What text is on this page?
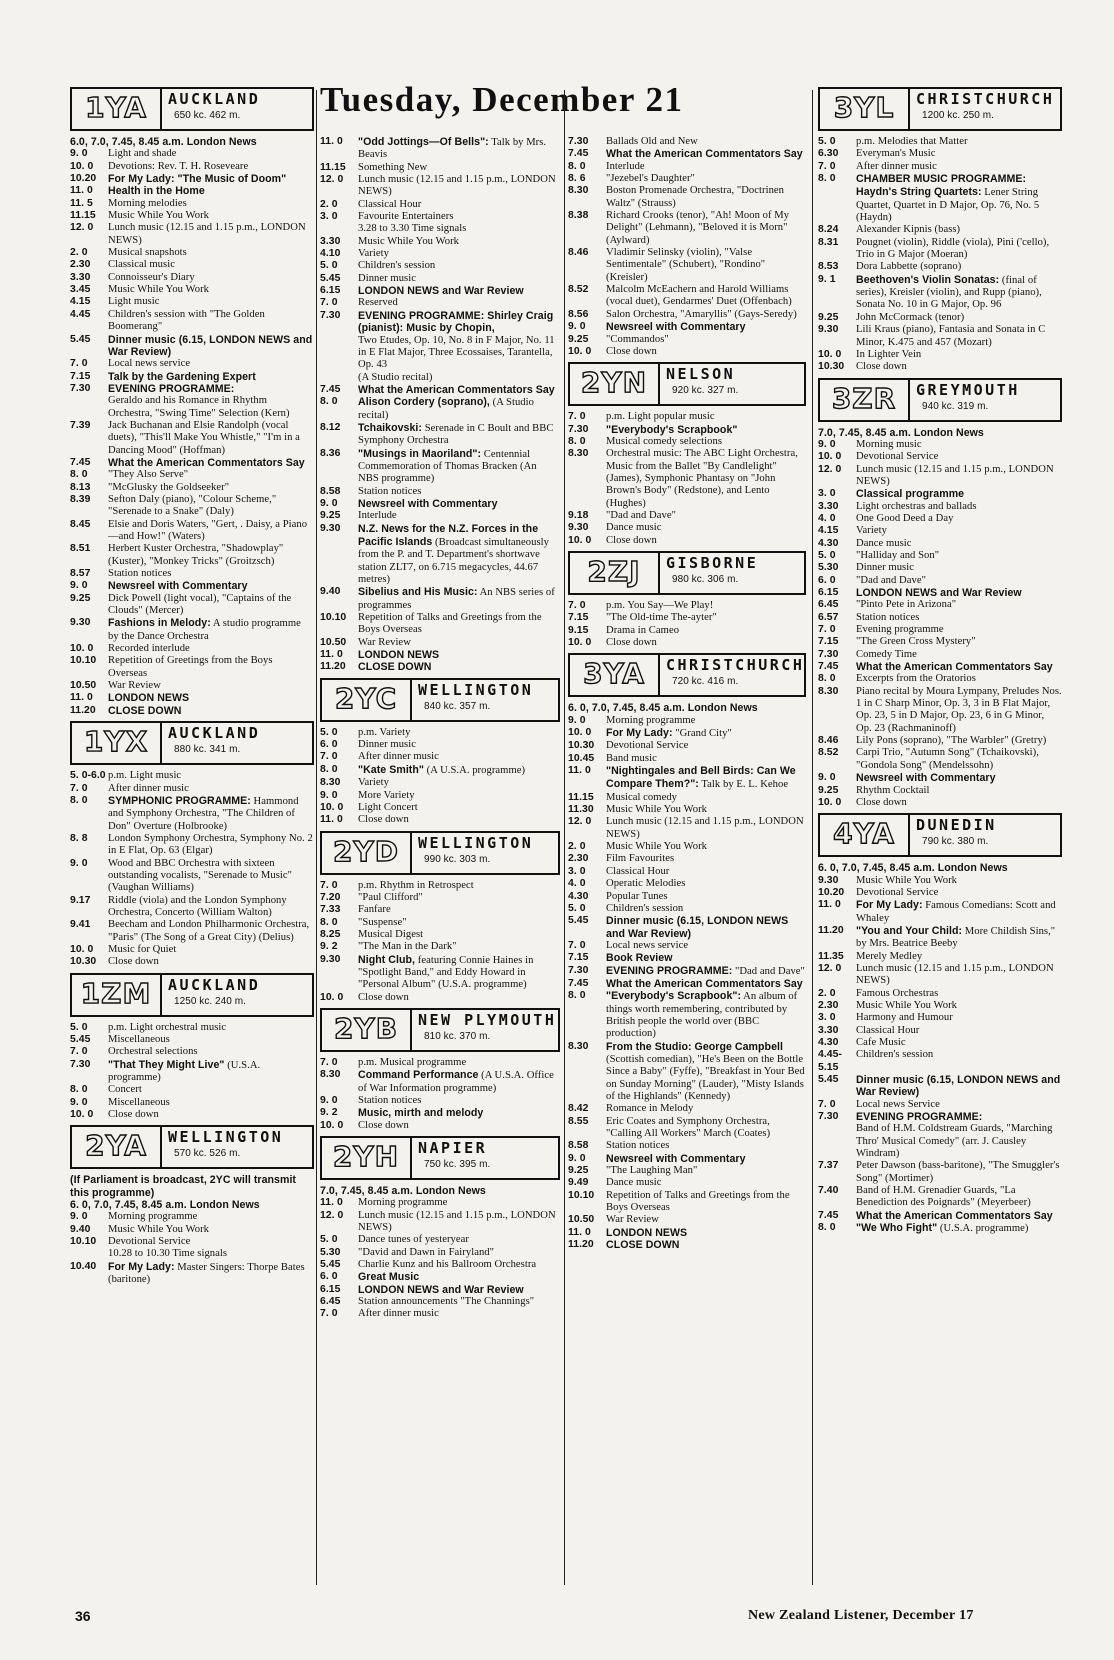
Tuesday, December 21
1YA	AUCKLAND
650 kc. 462 m.
6.0, 7.0, 7.45, 8.45 a.m. London News
9. 0	Light and shade
10. 0	Devotions: Rev. T. H. Roseveare
10.20	For My Lady: "The Music of Doom"
11. 0	Health in the Home
11. 5	Morning melodies
11.15	Music While You Work
12. 0	Lunch music (12.15 and 1.15 p.m., LONDON NEWS)
2. 0	Musical snapshots
2.30	Classical music
3.30	Connoisseur's Diary
3.45	Music While You Work
4.15	Light music
4.45	Children's session with "The Golden Boomerang"
5.45	Dinner music (6.15, LONDON NEWS and War Review)
7. 0	Local news service
7.15	Talk by the Gardening Expert
7.30	EVENING PROGRAMME:
Geraldo and his Romance in Rhythm Orchestra, "Swing Time" Selection (Kern)
7.39	Jack Buchanan and Elsie Randolph (vocal duets), "This'll Make You Whistle," "I'm in a Dancing Mood" (Hoffman)
7.45	What the American Commentators Say
8. 0	"They Also Serve"
8.13	"McGlusky the Goldseeker"
8.39	Sefton Daly (piano), "Colour Scheme," "Serenade to a Snake" (Daly)
8.45	Elsie and Doris Waters, "Gert, . Daisy, a Piano—and How!" (Waters)
8.51	Herbert Kuster Orchestra, "Shadowplay" (Kuster), "Monkey Tricks" (Groitzsch)
8.57	Station notices
9. 0	Newsreel with Commentary
9.25	Dick Powell (light vocal), "Captains of the Clouds" (Mercer)
9.30	Fashions in Melody: A studio programme by the Dance Orchestra
10. 0	Recorded interlude
10.10	Repetition of Greetings from the Boys Overseas
10.50	War Review
11. 0	LONDON NEWS
11.20	CLOSE DOWN
1YX	AUCKLAND
880 kc. 341 m.
5. 0-6.0 p.m. Light music
7. 0	After dinner music
8. 0	SYMPHONIC PROGRAMME: Hammond and Symphony Orchestra, "The Children of Don" Overture (Holbrooke)
8. 8	London Symphony Orchestra, Symphony No. 2 in E Flat, Op. 63 (Elgar)
9. 0	Wood and BBC Orchestra with sixteen outstanding vocalists, "Serenade to Music" (Vaughan Williams)
9.17	Riddle (viola) and the London Symphony Orchestra, Concerto (William Walton)
9.41	Beecham and London Philharmonic Orchestra, "Paris" (The Song of a Great City) (Delius)
10. 0	Music for Quiet
10.30	Close down
1ZM	AUCKLAND
1250 kc. 240 m.
5. 0	p.m. Light orchestral music
5.45	Miscellaneous
7. 0	Orchestral selections
7.30	"That They Might Live" (U.S.A. programme)
8. 0	Concert
9. 0	Miscellaneous
10. 0	Close down
2YA	WELLINGTON
570 kc. 526 m.
(If Parliament is broadcast, 2YC will transmit this programme)
6. 0, 7.0, 7.45, 8.45 a.m. London News
9. 0	Morning programme
9.40	Music While You Work
10.10	Devotional Service
10.28 to 10.30 Time signals
10.40	For My Lady: Master Singers: Thorpe Bates (baritone)
11. 0	"Odd Jottings—Of Bells": Talk by Mrs. Beavis
11.15	Something New
12. 0	Lunch music (12.15 and 1.15 p.m., LONDON NEWS)
2. 0	Classical Hour
3. 0	Favourite Entertainers
3.28 to 3.30 Time signals
3.30	Music While You Work
4.10	Variety
5. 0	Children's session
5.45	Dinner music
6.15	LONDON NEWS and War Review
7. 0	Reserved
7.30	EVENING PROGRAMME: Shirley Craig (pianist): Music by Chopin,
Two Etudes, Op. 10, No. 8 in F Major, No. 11 in E Flat Major, Three Ecossaises, Tarantella, Op. 43
(A Studio recital)
7.45	What the American Commentators Say
8. 0	Alison Cordery (soprano), (A Studio recital)
8.12	Tchaikovski: Serenade in C Boult and BBC Symphony Orchestra
8.36	"Musings in Maoriland": Centennial Commemoration of Thomas Bracken (An NBS programme)
8.58	Station notices
9. 0	Newsreel with Commentary
9.25	Interlude
9.30	N.Z. News for the N.Z. Forces in the Pacific Islands (Broadcast simultaneously from the P. and T. Department's shortwave station ZLT7, on 6.715 megacycles, 44.67 metres)
9.40	Sibelius and His Music: An NBS series of programmes
10.10	Repetition of Talks and Greetings from the Boys Overseas
10.50	War Review
11. 0	LONDON NEWS
11.20	CLOSE DOWN
2YC	WELLINGTON
840 kc. 357 m.
5. 0	p.m. Variety
6. 0	Dinner music
7. 0	After dinner music
8. 0	"Kate Smith" (A U.S.A. programme)
8.30	Variety
9. 0	More Variety
10. 0	Light Concert
11. 0	Close down
2YD	WELLINGTON
990 kc. 303 m.
7. 0	p.m. Rhythm in Retrospect
7.20	"Paul Clifford"
7.33	Fanfare
8. 0	"Suspense"
8.25	Musical Digest
9. 2	"The Man in the Dark"
9.30	Night Club, featuring Connie Haines in "Spotlight Band," and Eddy Howard in "Personal Album" (U.S.A. programme)
10. 0	Close down
2YB	NEW PLYMOUTH
810 kc. 370 m.
7. 0	p.m. Musical programme
8.30	Command Performance (A U.S.A. Office of War Information programme)
9. 0	Station notices
9. 2	Music, mirth and melody
10. 0	Close down
2YH	NAPIER
750 kc. 395 m.
7.0, 7.45, 8.45 a.m. London News
11. 0	Morning programme
12. 0	Lunch music (12.15 and 1.15 p.m., LONDON NEWS)
5. 0	Dance tunes of yesteryear
5.30	"David and Dawn in Fairyland"
5.45	Charlie Kunz and his Ballroom Orchestra
6. 0	Great Music
6.15	LONDON NEWS and War Review
6.45	Station announcements "The Channings"
7. 0	After dinner music
7.30	Ballads Old and New
7.45	What the American Commentators Say
8. 0	Interlude
8. 6	"Jezebel's Daughter"
8.30	Boston Promenade Orchestra, "Doctrinen Waltz" (Strauss)
8.38	Richard Crooks (tenor), "Ah! Moon of My Delight" (Lehmann), "Beloved it is Morn" (Aylward)
8.46	Vladimir Selinsky (violin), "Valse Sentimentale" (Schubert), "Rondino" (Kreisler)
8.52	Malcolm McEachern and Harold Williams (vocal duet), Gendarmes' Duet (Offenbach)
8.56	Salon Orchestra, "Amaryllis" (Gays-Seredy)
9. 0	Newsreel with Commentary
9.25	"Commandos"
10. 0	Close down
2YN	NELSON
920 kc. 327 m.
7. 0	p.m. Light popular music
7.30	"Everybody's Scrapbook"
8. 0	Musical comedy selections
8.30	Orchestral music: The ABC Light Orchestra, Music from the Ballet "By Candlelight" (James), Symphonic Phantasy on "John Brown's Body" (Redstone), and Lento (Hughes)
9.18	"Dad and Dave"
9.30	Dance music
10. 0	Close down
2ZJ	GISBORNE
980 kc. 306 m.
7. 0	p.m. You Say—We Play!
7.15	"The Old-time The-ayter"
9.15	Drama in Cameo
10. 0	Close down
3YA	CHRISTCHURCH
720 kc. 416 m.
6. 0, 7.0, 7.45, 8.45 a.m. London News
9. 0	Morning programme
10. 0	For My Lady: "Grand City"
10.30	Devotional Service
10.45	Band music
11. 0	"Nightingales and Bell Birds: Can We Compare Them?": Talk by E. L. Kehoe
11.15	Musical comedy
11.30	Music While You Work
12. 0	Lunch music (12.15 and 1.15 p.m., LONDON NEWS)
2. 0	Music While You Work
2.30	Film Favourites
3. 0	Classical Hour
4. 0	Operatic Melodies
4.30	Popular Tunes
5. 0	Children's session
5.45	Dinner music (6.15, LONDON NEWS and War Review)
7. 0	Local news service
7.15	Book Review
7.30	EVENING PROGRAMME: "Dad and Dave"
7.45	What the American Commentators Say
8. 0	"Everybody's Scrapbook": An album of things worth remembering, contributed by British people the world over (BBC production)
8.30	From the Studio: George Campbell (Scottish comedian), "He's Been on the Bottle Since a Baby" (Fyffe), "Breakfast in Your Bed on Sunday Morning" (Lauder), "Misty Islands of the Highlands" (Kennedy)
8.42	Romance in Melody
8.55	Eric Coates and Symphony Orchestra, "Calling All Workers" March (Coates)
8.58	Station notices
9. 0	Newsreel with Commentary
9.25	"The Laughing Man"
9.49	Dance music
10.10	Repetition of Talks and Greetings from the Boys Overseas
10.50	War Review
11. 0	LONDON NEWS
11.20	CLOSE DOWN
3YL	CHRISTCHURCH
1200 kc. 250 m.
5. 0	p.m. Melodies that Matter
6.30	Everyman's Music
7. 0	After dinner music
8. 0	CHAMBER MUSIC PROGRAMME: Haydn's String Quartets: Lener String Quartet, Quartet in D Major, Op. 76, No. 5 (Haydn)
8.24	Alexander Kipnis (bass)
8.31	Pougnet (violin), Riddle (viola), Pini ('cello), Trio in G Major (Moeran)
8.53	Dora Labbette (soprano)
9. 1	Beethoven's Violin Sonatas: (final of series), Kreisler (violin), and Rupp (piano), Sonata No. 10 in G Major, Op. 96
9.25	John McCormack (tenor)
9.30	Lili Kraus (piano), Fantasia and Sonata in C Minor, K.475 and 457 (Mozart)
10. 0	In Lighter Vein
10.30	Close down
3ZR	GREYMOUTH
940 kc. 319 m.
7.0, 7.45, 8.45 a.m. London News
9. 0	Morning music
10. 0	Devotional Service
12. 0	Lunch music (12.15 and 1.15 p.m., LONDON NEWS)
3. 0	Classical programme
3.30	Light orchestras and ballads
4. 0	One Good Deed a Day
4.15	Variety
4.30	Dance music
5. 0	"Halliday and Son"
5.30	Dinner music
6. 0	"Dad and Dave"
6.15	LONDON NEWS and War Review
6.45	"Pinto Pete in Arizona"
6.57	Station notices
7. 0	Evening programme
7.15	"The Green Cross Mystery"
7.30	Comedy Time
7.45	What the American Commentators Say
8. 0	Excerpts from the Oratorios
8.30	Piano recital by Moura Lympany, Preludes Nos. 1 in C Sharp Minor, Op. 3, 3 in B Flat Major, Op. 23, 5 in D Major, Op. 23, 6 in G Minor, Op. 23 (Rachmaninoff)
8.46	Lily Pons (soprano), "The Warbler" (Gretry)
8.52	Carpi Trio, "Autumn Song" (Tchaikovski), "Gondola Song" (Mendelssohn)
9. 0	Newsreel with Commentary
9.25	Rhythm Cocktail
10. 0	Close down
4YA	DUNEDIN
790 kc. 380 m.
6. 0, 7.0, 7.45, 8.45 a.m. London News
9.30	Music While You Work
10.20	Devotional Service
11. 0	For My Lady: Famous Comedians: Scott and Whaley
11.20	"You and Your Child: More Childish Sins," by Mrs. Beatrice Beeby
11.35	Merely Medley
12. 0	Lunch music (12.15 and 1.15 p.m., LONDON NEWS)
2. 0	Famous Orchestras
2.30	Music While You Work
3. 0	Harmony and Humour
3.30	Classical Hour
4.30	Cafe Music
4.45-5.15
Children's session
5.45	Dinner music (6.15, LONDON NEWS and War Review)
7. 0	Local news Service
7.30	EVENING PROGRAMME:
Band of H.M. Coldstream Guards, "Marching Thro' Musical Comedy" (arr. J. Causley Windram)
7.37	Peter Dawson (bass-baritone), "The Smuggler's Song" (Mortimer)
7.40	Band of H.M. Grenadier Guards, "La Benediction des Poignards" (Meyerbeer)
7.45	What the American Commentators Say
8. 0	"We Who Fight" (U.S.A. programme)
36	New Zealand Listener, December 17
